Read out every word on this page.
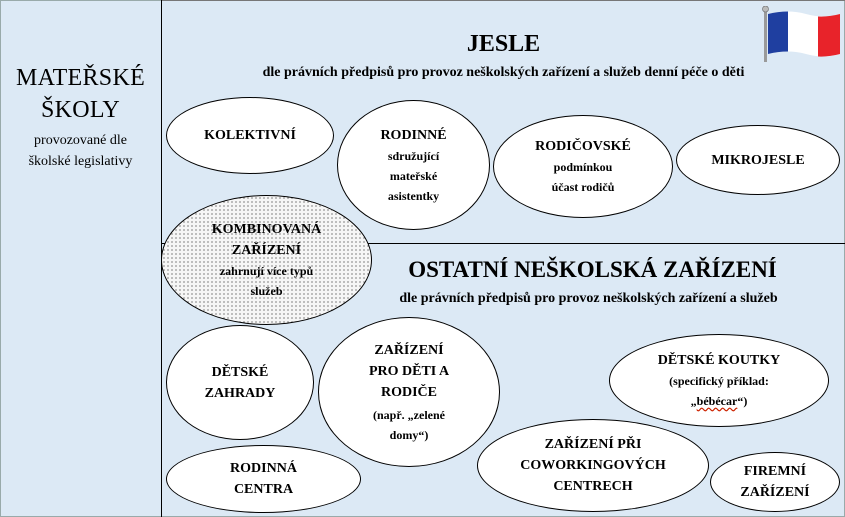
MATEŘSKÉ
ŠKOLY
provozované dle
školské legislativy
JESLE
dle právních předpisů pro provoz neškolských zařízení a služeb denní péče o děti
KOLEKTIVNÍ	RODINNÉ
sdružující
mateřské
asistentky
RODIČOVSKÉ
podmínkou
účast rodičů
MIKROJESLE
KOMBINOVANÁ
ZAŘÍZENÍ
zahrnují více typů
služeb
OSTATNÍ NEŠKOLSKÁ ZAŘÍZENÍ
dle právních předpisů pro provoz neškolských zařízení a služeb
DĚTSKÉ
ZAHRADY
ZAŘÍZENÍ
PRO DĚTI A
RODIČE
(např. „zelené
domy“)
DĚTSKÉ KOUTKY
(specifický příklad:
„bébécar“)
RODINNÁ
CENTRA
ZAŘÍZENÍ PŘI
COWORKINGOVÝCH
CENTRECH
FIREMNÍ
ZAŘÍZENÍ
